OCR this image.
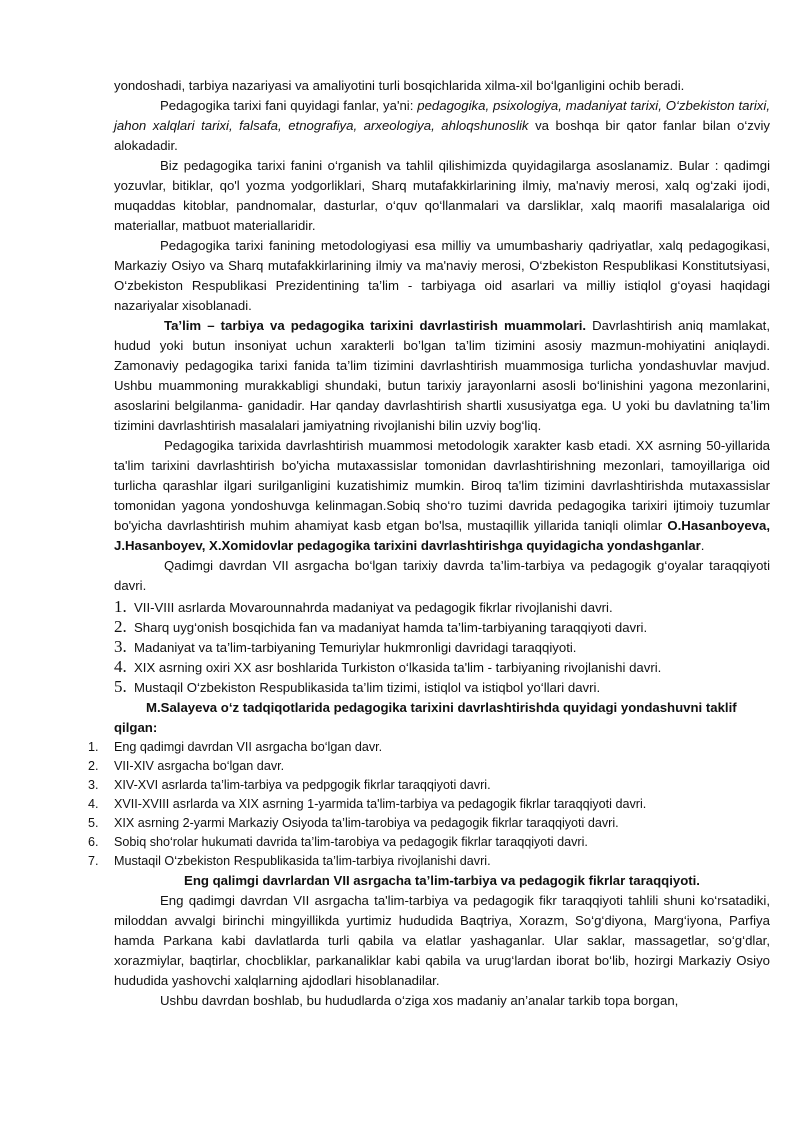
yondoshadi, tarbiya nazariyasi va amaliyotini turli bosqichlarida xilma-xil bo‘lganligini ochib beradi.

Pedagogika tarixi fani quyidagi fanlar, ya'ni: pedagogika, psixologiya, madaniyat tarixi, O‘zbekiston tarixi, jahon xalqlari tarixi, falsafa, etnografiya, arxeologiya, ahloqshunoslik va boshqa bir qator fanlar bilan o‘zviy alokadadir.

Biz pedagogika tarixi fanini o‘rganish va tahlil qilishimizda quyidagilarga asoslanamiz. Bular : qadimgi yozuvlar, bitiklar, qo'l yozma yodgorliklari, Sharq mutafakkirlarining ilmiy, ma'naviy merosi, xalq og‘zaki ijodi, muqaddas kitoblar, pandnomalar, dasturlar, o‘quv qo‘llanmalari va darsliklar, xalq maorifi masalalariga oid materiallar, matbuot materiallaridir.

Pedagogika tarixi fanining metodologiyasi esa milliy va umumbashariy qadriyatlar, xalq pedagogikasi, Markaziy Osiyo va Sharq mutafakkirlarining ilmiy va ma'naviy merosi, O‘zbekiston Respublikasi Konstitutsiyasi, O‘zbekiston Respublikasi Prezidentining ta’lim - tarbiyaga oid asarlari va milliy istiqlol g‘oyasi haqidagi nazariyalar xisoblanadi.

Ta’lim – tarbiya va pedagogika tarixini davrlastirish muammolari. Davrlashtirish aniq mamlakat, hudud yoki butun insoniyat uchun xarakterli bo’lgan ta’lim tizimini asosiy mazmun-mohiyatini aniqlaydi. Zamonaviy pedagogika tarixi fanida ta’lim tizimini davrlashtirish muammosiga turlicha yondashuvlar mavjud. Ushbu muammoning murakkabligi shundaki, butun tarixiy jarayonlarni asosli bo‘linishini yagona mezonlarini, asoslarini belgilanma- ganidadir. Har qanday davrlashtirish shartli xususiyatga ega. U yoki bu davlatning ta’lim tizimini davrlashtirish masalalari jamiyatning rivojlanishi bilin uzviy bog‘liq.

Pedagogika tarixida davrlashtirish muammosi metodologik xarakter kasb etadi. XX asrning 50-yillarida ta'lim tarixini davrlashtirish bo'yicha mutaxassislar tomonidan davrlashtirishning mezonlari, tamoyillariga oid turlicha qarashlar ilgari surilganligini kuzatishimiz mumkin. Biroq ta'lim tizimini davrlashtirishda mutaxassislar tomonidan yagona yondoshuvga kelinmagan.Sobiq sho‘ro tuzimi davrida pedagogika tarixiri ijtimoiy tuzumlar bo'yicha davrlashtirish muhim ahamiyat kasb etgan bo'lsa, mustaqillik yillarida taniqli olimlar O.Hasanboyeva, J.Hasanboyev, X.Xomidovlar pedagogika tarixini davrlashtirishga quyidagicha yondashganlar.

Qadimgi davrdan VII asrgacha bo‘lgan tarixiy davrda ta’lim-tarbiya va pedagogik g‘oyalar taraqqiyoti davri.

1. VII-VIII asrlarda Movarounnahrda madaniyat va pedagogik fikrlar rivojlanishi davri.
2. Sharq uyg‘onish bosqichida fan va madaniyat hamda ta’lim-tarbiyaning taraqqiyoti davri.
3. Madaniyat va ta’lim-tarbiyaning Temuriylar hukmronligi davridagi taraqqiyoti.
4. XIX asrning oxiri XX asr boshlarida Turkiston o‘lkasida ta'lim - tarbiyaning rivojlanishi davri.
5. Mustaqil O‘zbekiston Respublikasida ta’lim tizimi, istiqlol va istiqbol yo‘llari davri.

M.Salayeva o‘z tadqiqotlarida pedagogika tarixini davrlashtirishda quyidagi yondashuvni taklif qilgan:

1. Eng qadimgi davrdan VII asrgacha bo‘lgan davr.
2. VII-XIV asrgacha bo‘lgan davr.
3. XIV-XVI asrlarda ta’lim-tarbiya va pedpgogik fikrlar taraqqiyoti davri.
4. XVII-XVIII asrlarda va XIX asrning 1-yarmida ta'lim-tarbiya va pedagogik fikrlar taraqqiyoti davri.
5. XIX asrning 2-yarmi Markaziy Osiyoda ta’lim-tarobiya va pedagogik fikrlar taraqqiyoti davri.
6. Sobiq sho‘rolar hukumati davrida ta’lim-tarobiya va pedagogik fikrlar taraqqiyoti davri.
7. Mustaqil O‘zbekiston Respublikasida ta’lim-tarbiya rivojlanishi davri.

Eng qalimgi davrlardan VII asrgacha ta’lim-tarbiya va pedagogik fikrlar taraqqiyoti.

Eng qadimgi davrdan VII asrgacha ta'lim-tarbiya va pedagogik fikr taraqqiyoti tahlili shuni ko‘rsatadiki, miloddan avvalgi birinchi mingyillikda yurtimiz hududida Baqtriya, Xorazm, So‘g‘diyona, Marg‘iyona, Parfiya hamda Parkana kabi davlatlarda turli qabila va elatlar yashaganlar. Ular saklar, massagetlar, so‘g‘dlar, xorazmiylar, baqtirlar, chocbliklar, parkanaliklar kabi qabila va urug‘lardan iborat bo‘lib, hozirgi Markaziy Osiyo hududida yashovchi xalqlarning ajdodlari hisoblanadilar.

Ushbu davrdan boshlab, bu hududlarda o‘ziga xos madaniy an’analar tarkib topa borgan,
